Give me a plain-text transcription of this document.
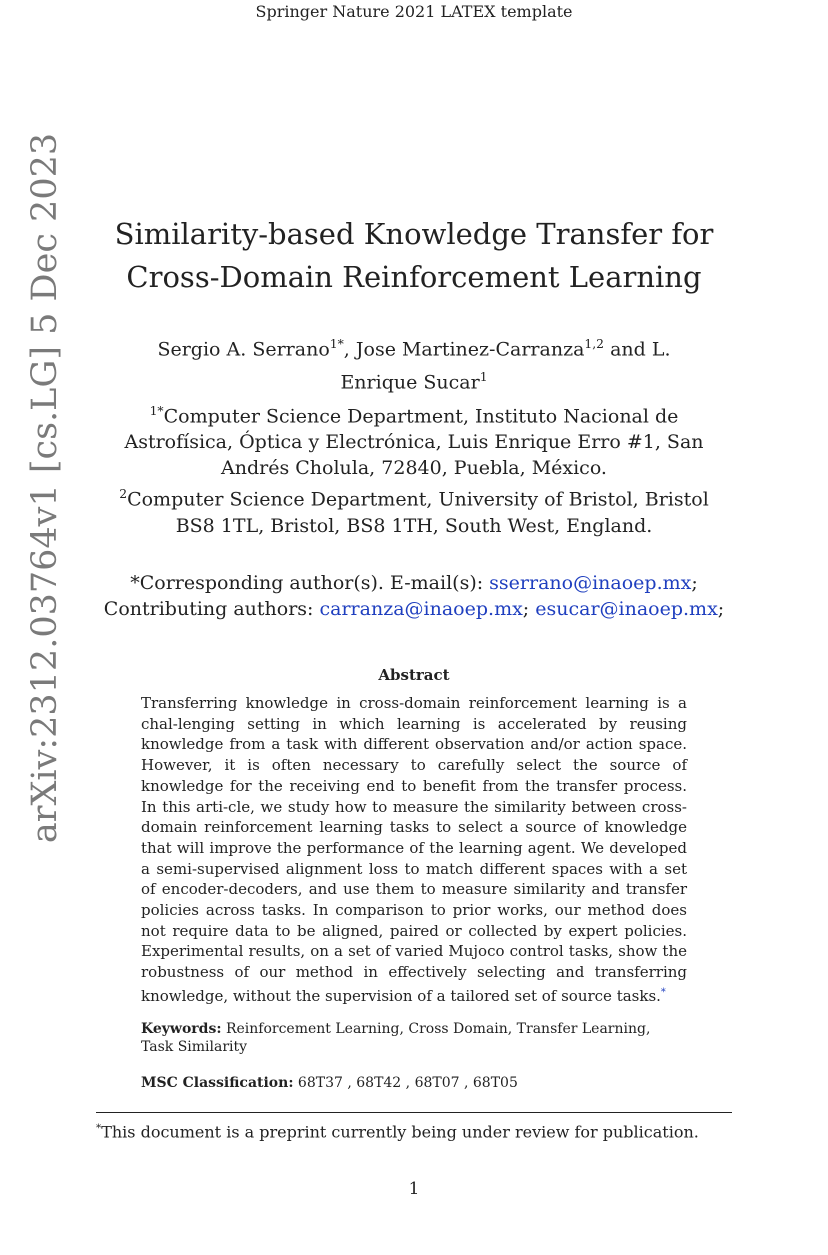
Springer Nature 2021 LATEX template
arXiv:2312.03764v1 [cs.LG] 5 Dec 2023	Similarity-based Knowledge Transfer for
Cross-Domain Reinforcement Learning
Sergio A. Serrano$^{1*}$, Jose Martinez-Carranza$^{1,2}$ and L.
Enrique Sucar$^1$
$^{1*}$Computer Science Department, Instituto Nacional de
Astrofísica, Óptica y Electrónica, Luis Enrique Erro #1, San
Andrés Cholula, 72840, Puebla, México.
$^2$Computer Science Department, University of Bristol, Bristol
BS8 1TL, Bristol, BS8 1TH, South West, England.
*Corresponding author(s). E-mail(s): sserrano@inaoep.mx;
Contributing authors: carranza@inaoep.mx; esucar@inaoep.mx;
Abstract

Transferring knowledge in cross-domain reinforcement learning is a chal-lenging setting in which learning is accelerated by reusing knowledge from a task with different observation and/or action space. However, it is often necessary to carefully select the source of knowledge for the receiving end to benefit from the transfer process. In this arti-cle, we study how to measure the similarity between cross-domain reinforcement learning tasks to select a source of knowledge that will improve the performance of the learning agent. We developed a semi-supervised alignment loss to match different spaces with a set of encoder-decoders, and use them to measure similarity and transfer policies across tasks. In comparison to prior works, our method does not require data to be aligned, paired or collected by expert policies. Experimental results, on a set of varied Mujoco control tasks, show the robustness of our method in effectively selecting and transferring knowledge, without the supervision of a tailored set of source tasks.*

Keywords: Reinforcement Learning, Cross Domain, Transfer Learning, Task Similarity

MSC Classification: 68T37 , 68T42 , 68T07 , 68T05

*This document is a preprint currently being under review for publication.

1
